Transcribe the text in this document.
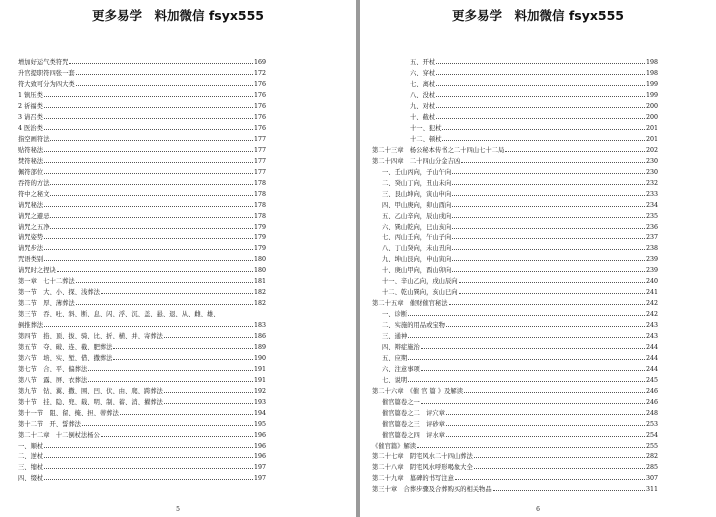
更多易学　料加微信 fsyx555
增加好运气类符咒	169
升官提职符四张一套	172
符大致可分为四大类	176
1 镇压类	176
2 祈福类	176
3 请召类	176
4 医治类	176
指空画符法	177
贴符秘法	177
焚符秘法	177
佩符部位	177
吞符的方法	178
符中之秘文	178
请咒秘法	178
请咒之避忌	178
请咒之五净	179
请咒姿势	179
请咒步法	179
咒语类别	180
请咒时之捏诀	180
第一章　七十二葬法	181
第一节　大、小、探、浅葬法	182
第二节　厚、薄葬法	182
第三节　吞、吐、斜、断、息、闪、浮、沉、盖、悬、退、从、雌、雄、
倒推葬法	183
第四节　掐、顶、拔、骑、比、折、横、并、寄葬法	186
第五节　夺、破、连、截、肥葬法	189
第六节　培、实、堑、借、撒葬法	190
第七节　合、平、偏葬法	191
第八节　露、屏、衣葬法	191
第九节　钻、翼、撒、围、凹、伏、由、爬、跨葬法	192
第十节　挂、隐、兜、载、明、制、蓄、消、擢葬法	193
第十一节　阻、留、掩、担、蒂葬法	194
第十二节　开、誓葬法	195
第二十二章　十二倒杖法杨公	196
一、顺杖	196
二、逆杖	196
三、缩杖	197
四、缀杖	197
5
更多易学　料加微信 fsyx555
五、开杖	198
六、穿杖	198
七、离杖	199
八、没杖	199
九、对杖	200
十、截杖	200
十一、犯杖	201
十二、顿杖	201
第二十三章　杨公秘本传书之二十四山七十二局	202
第二十四章　二十四山分金吉凶	230
一、壬山丙向，子山午向	230
二、癸山丁向，丑山未向	232
三、艮山坤向，寅山申向	233
四、甲山庚向，卯山酉向	234
五、乙山辛向，辰山戌向	235
六、巽山乾向，巳山亥向	236
七、丙山壬向，午山子向	237
八、丁山癸向，未山丑向	238
九、坤山艮向，申山寅向	239
十、庚山甲向，酉山卯向	239
十一、辛山乙向，戌山辰向	240
十二、乾山巽向，亥山巳向	241
第二十五章　催财催官秘法	242
一、诊断	242
二、实施的用品或宝物	243
三、通神	243
四、辩症施治	244
五、应期	244
六、注意事项	244
七、说明	245
第二十六章　《催 官 篇 》及解读	246
催官篇卷之一	246
催官篇卷之二　评穴章	248
催官篇卷之三　评砂章	253
催官篇卷之四　评水章	254
《催官篇》解读	255
第二十七章　阴宅风水二十四山葬法	282
第二十八章　阴宅风水呼形喝象大全	285
第二十九章　墓碑的书写注意	307
第三十章　合葬步骤及合葬购买的相关物品	311
6
